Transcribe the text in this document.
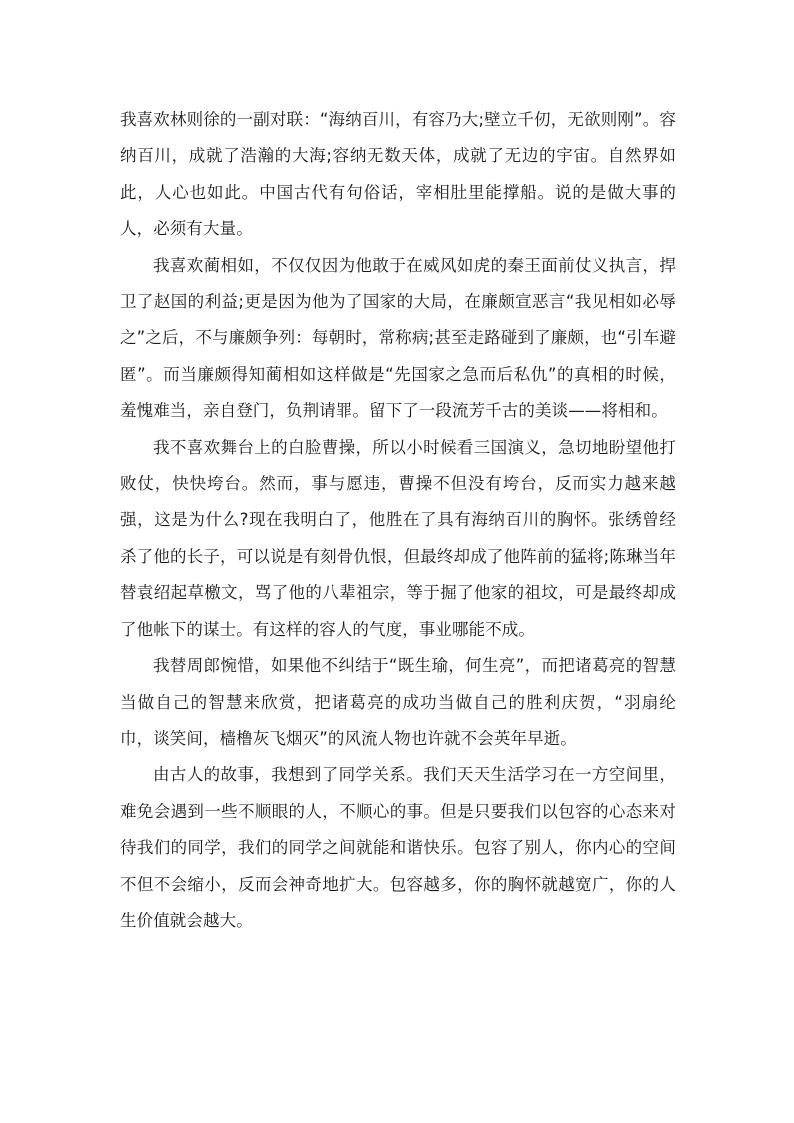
我喜欢林则徐的一副对联：“海纳百川，有容乃大;壁立千仞，无欲则刚”。容纳百川，成就了浩瀚的大海;容纳无数天体，成就了无边的宇宙。自然界如此，人心也如此。中国古代有句俗话，宰相肚里能撑船。说的是做大事的人，必须有大量。

我喜欢蔺相如，不仅仅因为他敢于在威风如虎的秦王面前仗义执言，捍卫了赵国的利益;更是因为他为了国家的大局，在廉颇宣恶言“我见相如必辱之”之后，不与廉颇争列：每朝时，常称病;甚至走路碰到了廉颇，也“引车避匿”。而当廉颇得知蔺相如这样做是“先国家之急而后私仇”的真相的时候，羞愧难当，亲自登门，负荆请罪。留下了一段流芳千古的美谈——将相和。

我不喜欢舞台上的白脸曹操，所以小时候看三国演义，急切地盼望他打败仗，快快垮台。然而，事与愿违，曹操不但没有垮台，反而实力越来越强，这是为什么?现在我明白了，他胜在了具有海纳百川的胸怀。张绣曾经杀了他的长子，可以说是有刻骨仇恨，但最终却成了他阵前的猛将;陈琳当年替袁绍起草檄文，骂了他的八辈祖宗，等于掘了他家的祖坟，可是最终却成了他帐下的谋士。有这样的容人的气度，事业哪能不成。

我替周郎惋惜，如果他不纠结于“既生瑜，何生亮”，而把诸葛亮的智慧当做自己的智慧来欣赏，把诸葛亮的成功当做自己的胜利庆贺，“羽扇纶巾，谈笑间，樯橹灰飞烟灭”的风流人物也许就不会英年早逝。

由古人的故事，我想到了同学关系。我们天天生活学习在一方空间里，难免会遇到一些不顺眼的人，不顺心的事。但是只要我们以包容的心态来对待我们的同学，我们的同学之间就能和谐快乐。包容了别人，你内心的空间不但不会缩小，反而会神奇地扩大。包容越多，你的胸怀就越宽广，你的人生价值就会越大。
